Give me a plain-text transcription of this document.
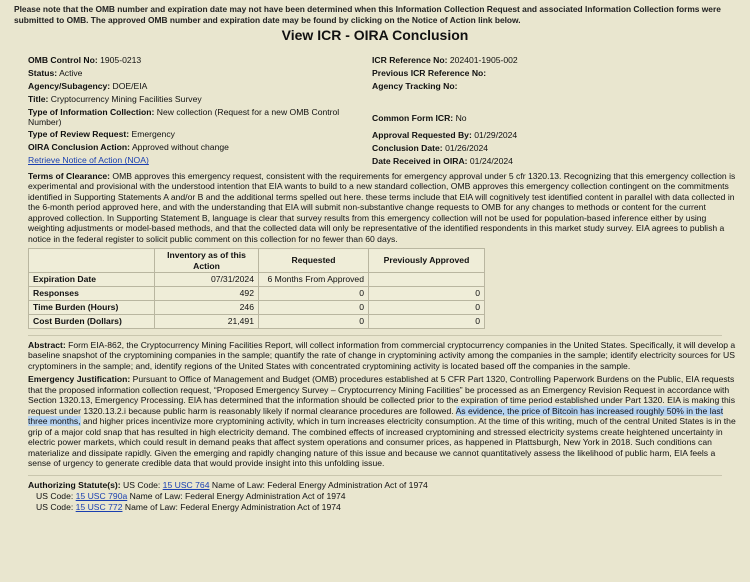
Please note that the OMB number and expiration date may not have been determined when this Information Collection Request and associated Information Collection forms were submitted to OMB. The approved OMB number and expiration date may be found by clicking on the Notice of Action link below.
View ICR - OIRA Conclusion
OMB Control No: 1905-0213
Status: Active
Agency/Subagency: DOE/EIA
Title: Cryptocurrency Mining Facilities Survey
Type of Information Collection: New collection (Request for a new OMB Control Number)
Type of Review Request: Emergency
OIRA Conclusion Action: Approved without change
Retrieve Notice of Action (NOA)
ICR Reference No: 202401-1905-002
Previous ICR Reference No:
Agency Tracking No:

Common Form ICR: No
Approval Requested By: 01/29/2024
Conclusion Date: 01/26/2024
Date Received in OIRA: 01/24/2024
Terms of Clearance: OMB approves this emergency request, consistent with the requirements for emergency approval under 5 cfr 1320.13. Recognizing that this emergency collection is experimental and provisional with the understood intention that EIA wants to build to a new standard collection, OMB approves this emergency collection contingent on the commitments identified in Supporting Statements A and/or B and the additional terms spelled out here. these terms include that EIA will cognitively test identified content in parallel with data collected in the 6-month period approved here, and with the understanding that EIA will submit non-substantive change requests to OMB for any changes to methods or content for the current approved collection. In Supporting Statement B, language is clear that survey results from this emergency collection will not be used for population-based inference either by using weighting adjustments or model-based methods, and that the collected data will only be representative of the identified respondents in this market study survey. EIA agrees to publish a notice in the federal register to solicit public comment on this collection for no fewer than 60 days.
	Inventory as of this Action	Requested	Previously Approved
Expiration Date	07/31/2024	6 Months From Approved	
Responses	492	0	0
Time Burden (Hours)	246	0	0
Cost Burden (Dollars)	21,491	0	0
Abstract: Form EIA-862, the Cryptocurrency Mining Facilities Report, will collect information from commercial cryptocurrency companies in the United States. Specifically, it will develop a baseline snapshot of the cryptomining companies in the sample; quantify the rate of change in cryptomining activity among the companies in the sample; identify electricity sources for US cryptominers in the sample; and, identify regions of the United States with concentrated cryptomining activity is located based off the companies in the sample.
Emergency Justification: Pursuant to Office of Management and Budget (OMB) procedures established at 5 CFR Part 1320, Controlling Paperwork Burdens on the Public, EIA requests that the proposed information collection request, “Proposed Emergency Survey – Cryptocurrency Mining Facilities” be processed as an Emergency Revision Request in accordance with Section 1320.13, Emergency Processing. EIA has determined that the information should be collected prior to the expiration of time period established under Part 1320. EIA is making this request under 1320.13.2.i because public harm is reasonably likely if normal clearance procedures are followed. As evidence, the price of Bitcoin has increased roughly 50% in the last three months, and higher prices incentivize more cryptomining activity, which in turn increases electricity consumption. At the time of this writing, much of the central United States is in the grip of a major cold snap that has resulted in high electricity demand. The combined effects of increased cryptomining and stressed electricity systems create heightened uncertainty in electric power markets, which could result in demand peaks that affect system operations and consumer prices, as happened in Plattsburgh, New York in 2018. Such conditions can materialize and dissipate rapidly. Given the emerging and rapidly changing nature of this issue and because we cannot quantitatively assess the likelihood of public harm, EIA feels a sense of urgency to generate credible data that would provide insight into this unfolding issue.
Authorizing Statute(s): US Code: 15 USC 764 Name of Law: Federal Energy Administration Act of 1974
US Code: 15 USC 790a Name of Law: Federal Energy Administration Act of 1974
US Code: 15 USC 772 Name of Law: Federal Energy Administration Act of 1974
